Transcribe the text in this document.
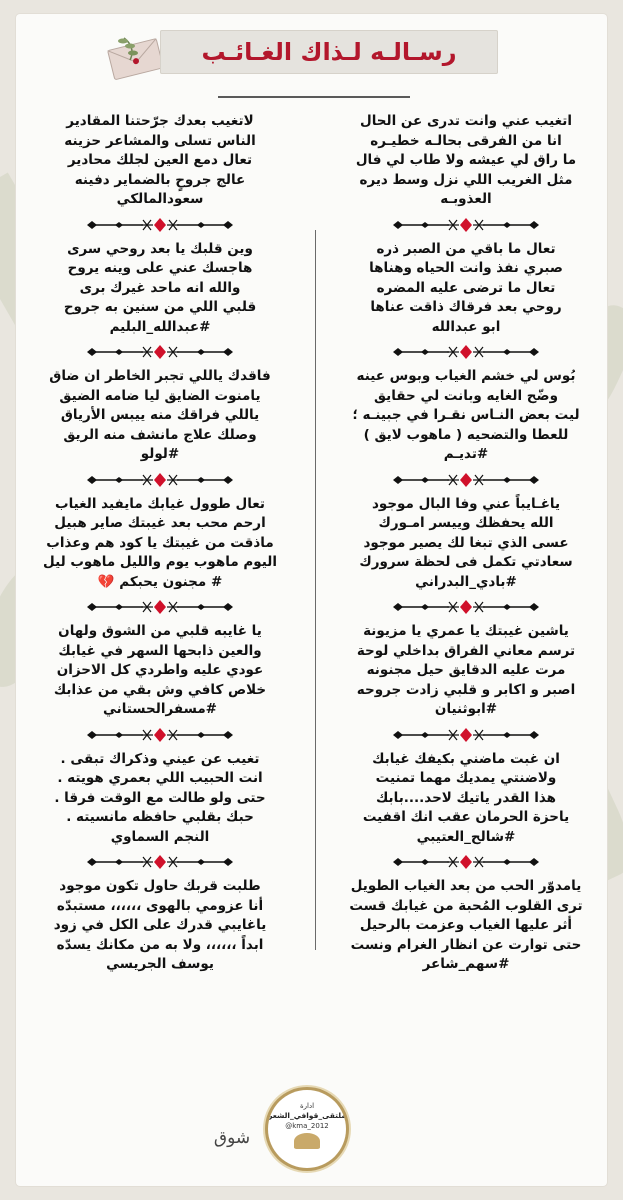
رسـالـه لـذاك الغـائـب
اتغيب عني وانت تدرى عن الحال
انا من الفرقى بحالـه خطيـره
ما راق لي عيشه ولا طاب لي فال
مثل الغريب اللي نزل وسط ديره
العذوبـه
تعال ما باقي من الصبر ذره
صبري نفذ وانت الحياه وهناها
تعال ما ترضى عليه المضره
روحي بعد فرقاك ذاقت عناها
ابو عبدالله
بُوس لي خشم الغياب وبوس عينه
وضّح الغايه وبانت لي حقايق
ليت بعض النـاس نقـرا في جبينـه ؛
للعطا والتضحيه ( ماهوب لايق )
#تديـم
ياغـايباً عني وفا البال موجود
الله يحفظك وييسر امـورك
عسى الذي تبغا لك يصير موجود
سعادتي تكمل فى لحظة سرورك
#بادي_البدراني
ياشين غيبتك يا عمري يا مزيونة
ترسم معاني الفراق بداخلي لوحة
مرت عليه الدقايق حيل مجنونه
اصبر و اكابر و قلبي زادت جروحه
#ابوثنيان
ان غبت ماضني بكيفك غيابك
ولاضنتي يمديك مهما تمنيت
هذا القدر ياتيك لاحد....بابك
ياحزة الحرمان عقب انك اقفيت
#شالح_العتيبي
يامدوّر الحب من بعد الغياب الطويل
ترى القلوب المُحبة من غيابك قست
أثر عليها الغياب وعزمت بالرحيل
حتى توارت عن انظار الغرام ونست
#سهم_شاعر
لاتغيب بعدك جرّحتنا المقادير
الناس تسلى والمشاعر حزينه
تعال دمع العين لجلك محادير
عالج جروحٍ بالضماير دفينه
سعودالمالكي
وين قلبك يا بعد روحي سرى
هاجسك عني على وينه يروح
والله انه ماحد غيرك برى
قلبي اللي من سنين به جروح
#عبدالله_البليم
فاقدك ياللي تجبر الخاطر ان ضاق
يامنوت الضايق ليا ضامه الضيق
ياللي فراقك منه ييبس الأرياق
وصلك علاج مانشف منه الريق
#لولو
تعال طوول غيابك مايفيد الغياب
ارحم محب بعد غيبتك صاير هبيل
ماذقت من غيبتك يا كود هم وعذاب
اليوم ماهوب يوم والليل ماهوب ليل
# مجنون يحبكم 💔
يا غايبه قلبي من الشوق ولهان
والعين ذابحها السهر في غيابك
عودي عليه واطردي كل الاحزان
خلاص كافي وش بقي من عذابك
#مسفرالحستاني
تغيب عن عيني وذكراك تبقى .
انت الحبيب اللي بعمري هويته .
حتى ولو طالت مع الوقت فرقا .
حبك بقلبي حافظه مانسيته .
النجم السماوي
طلبت قربك حاول تكون موجود
أنا عزومي بالهوى ،،،،،، مستبدّه
ياغايبي قدرك على الكل في زود
ابداً ،،،،،، ولا به من مكانك يسدّه
يوسف الجريسي
شوق
ادارة
ملتقى_قوافي_الشعر
@kma_2012
